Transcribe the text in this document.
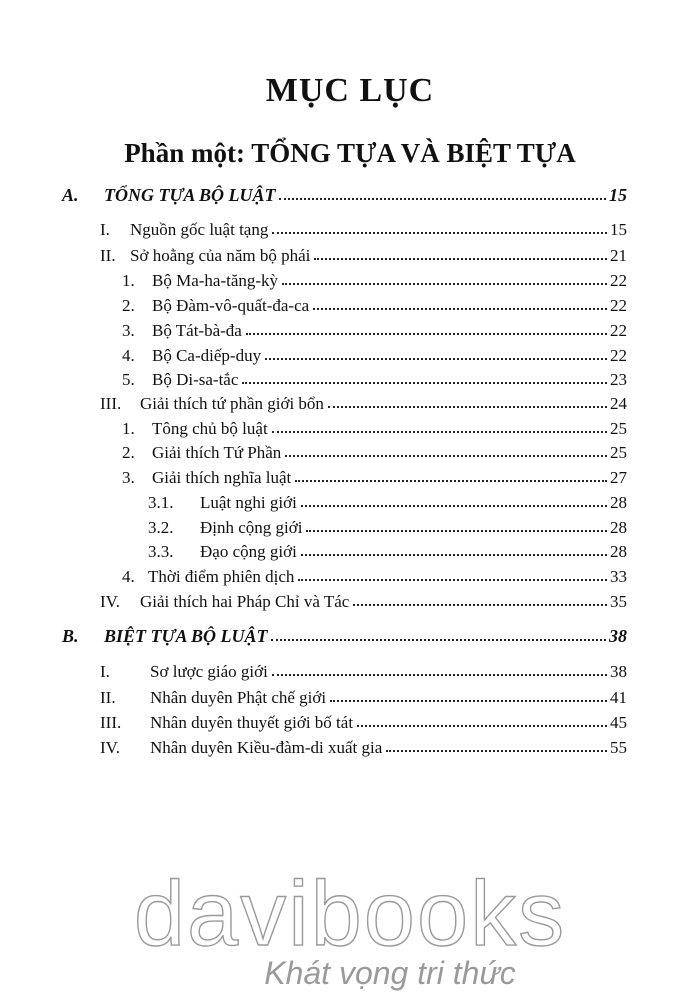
MỤC LỤC
Phần một: TỔNG TỰA VÀ BIỆT TỰA
A.	TỔNG TỰA BỘ LUẬT	15
I.	Nguồn gốc luật tạng	15
II. Sở hoằng của năm bộ phái	21
1.	Bộ Ma-ha-tăng-kỳ	22
2.	Bộ Đàm-vô-quất-đa-ca	22
3.	Bộ Tát-bà-đa	22
4.	Bộ Ca-diếp-duy	22
5.	Bộ Di-sa-tắc	23
III.	Giải thích tứ phần giới bổn	24
1.	Tông chủ bộ luật	25
2.	Giải thích Tứ Phần	25
3.	Giải thích nghĩa luật	27
3.1.	Luật nghi giới	28
3.2.	Định cộng giới	28
3.3.	Đạo cộng giới	28
4. Thời điểm phiên dịch	33
IV.	Giải thích hai Pháp Chỉ và Tác	35
B.	BIỆT TỰA BỘ LUẬT	38
I.	Sơ lược giáo giới	38
II.	Nhân duyên Phật chế giới	41
III.	Nhân duyên thuyết giới bố tát	45
IV.	Nhân duyên Kiều-đàm-di xuất gia	55
davibooks
Khát vọng tri thức
